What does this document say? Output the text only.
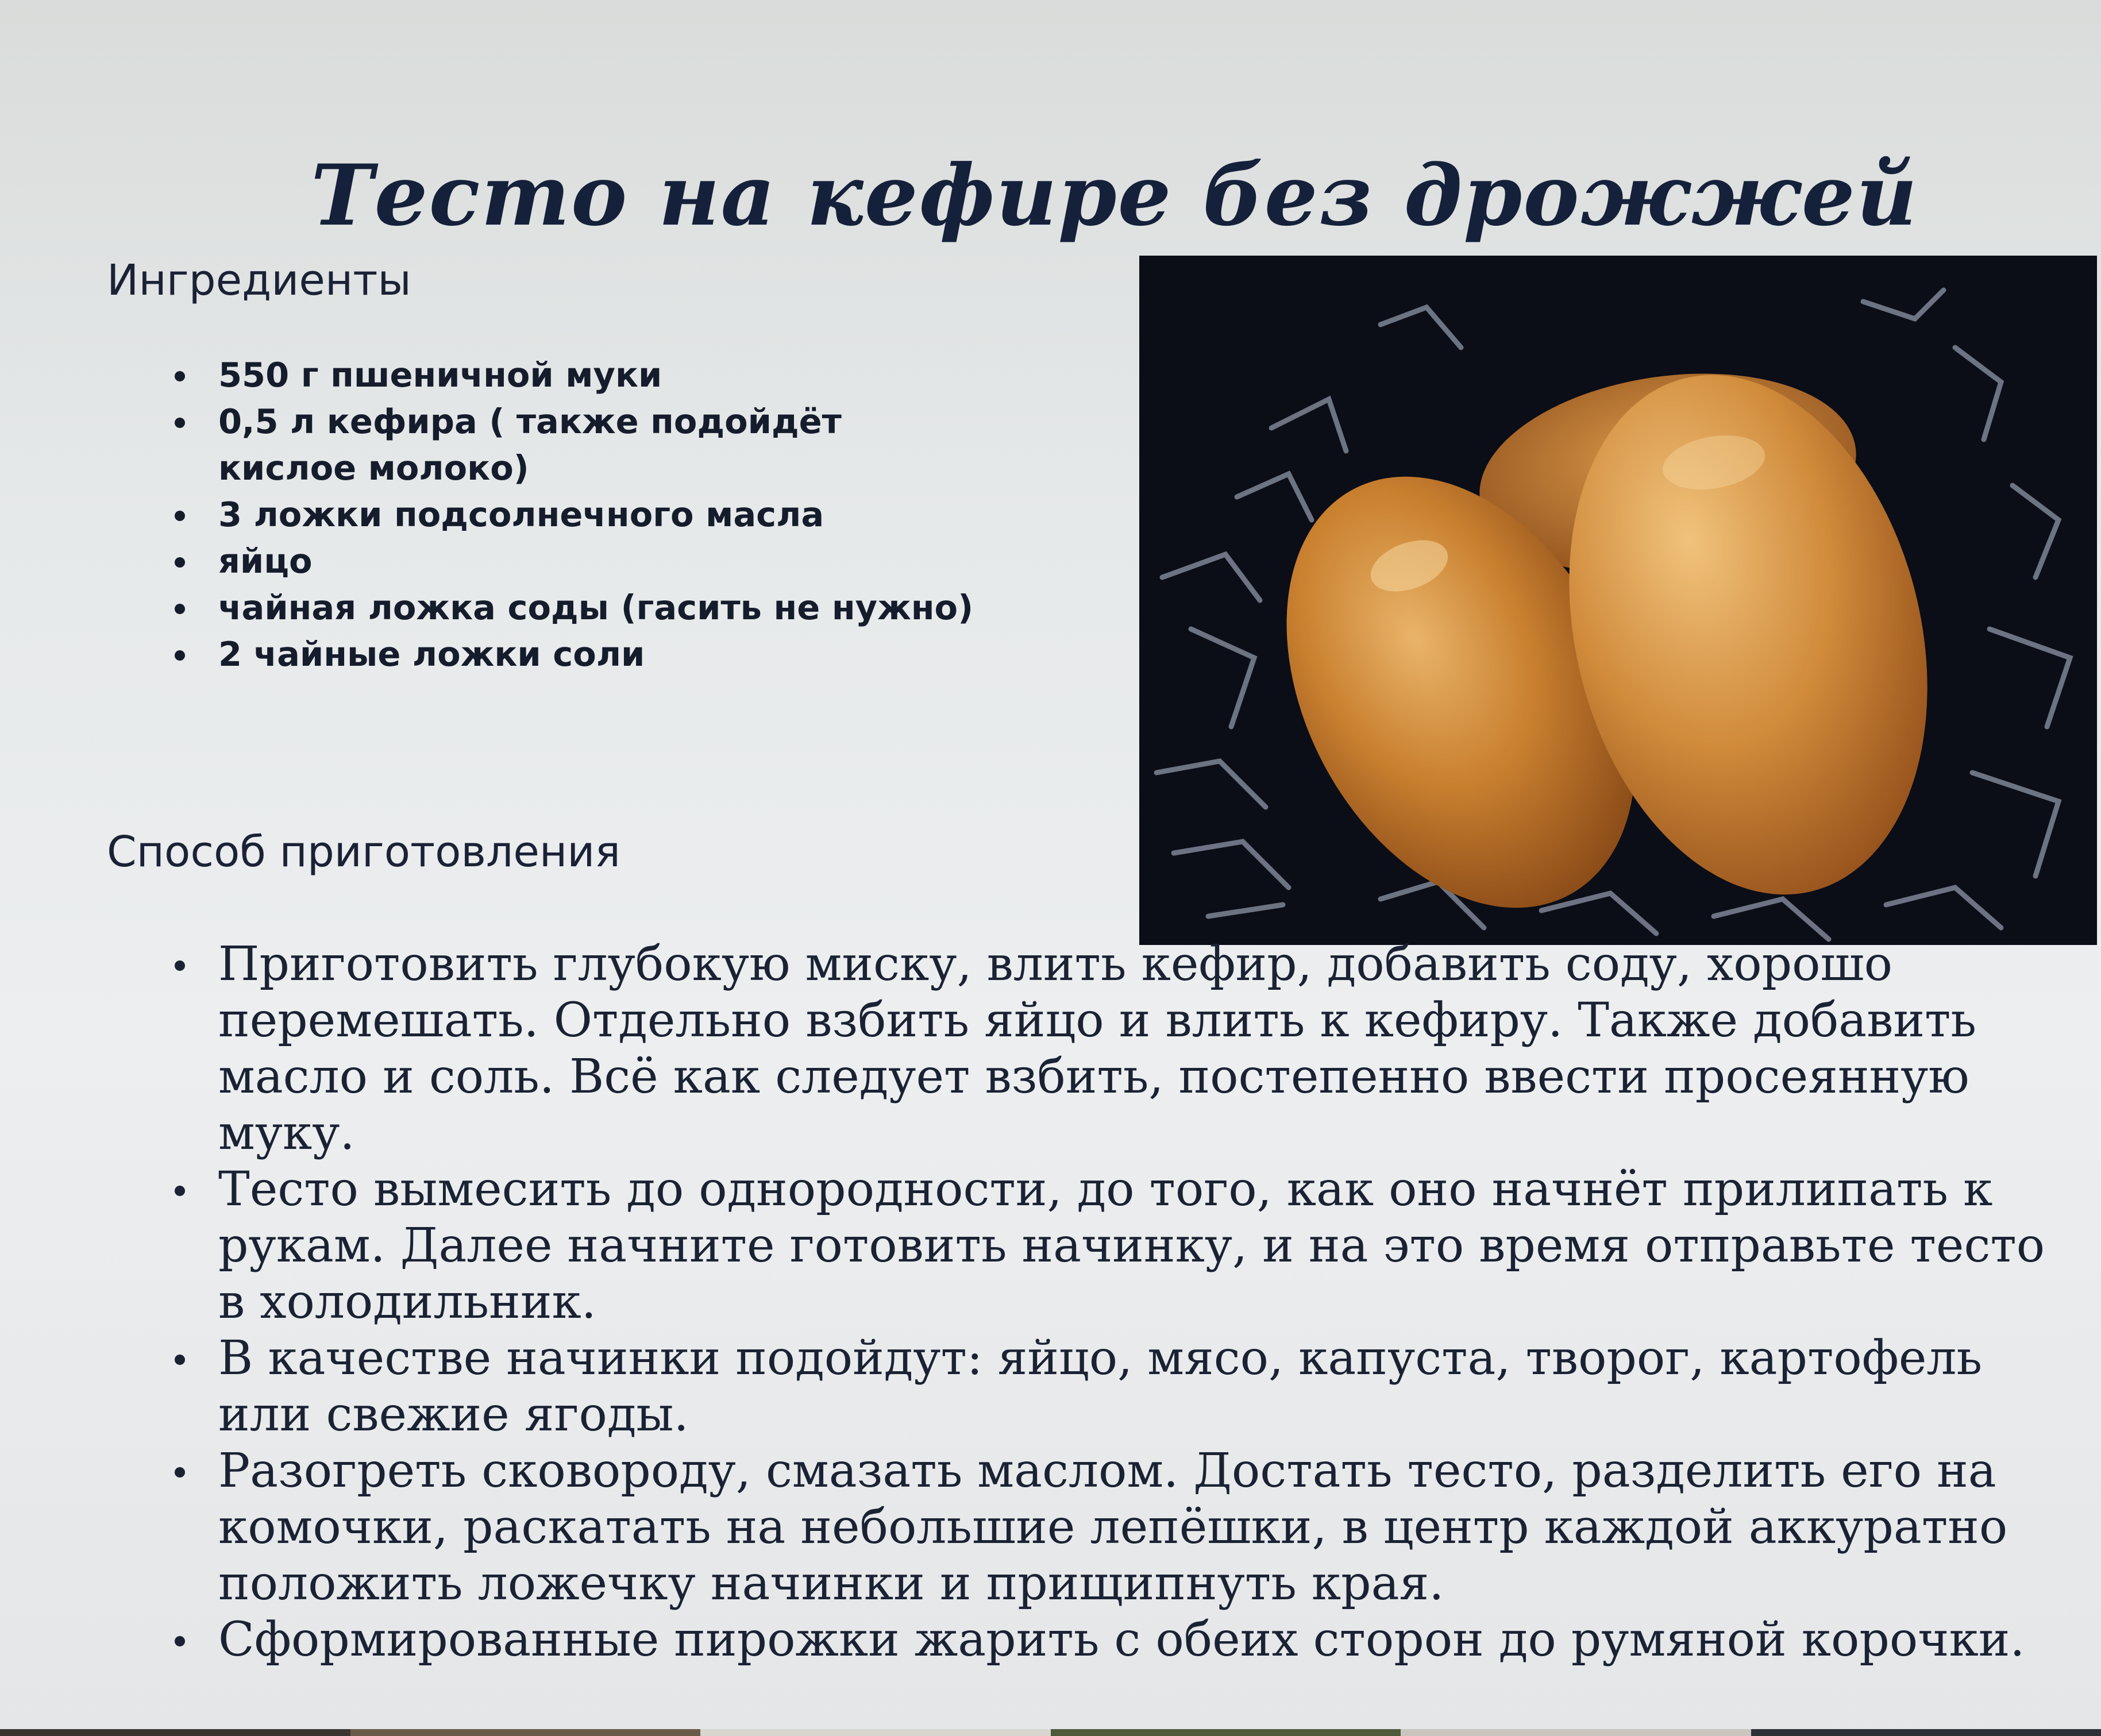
Тесто на кефире без дрожжей
Ингредиенты
550 г пшеничной муки
0,5 л кефира ( также подойдёт кислое молоко)
3 ложки подсолнечного масла
яйцо
чайная ложка соды (гасить не нужно)
2 чайные ложки соли
Способ приготовления
Приготовить глубокую миску, влить кефир, добавить соду, хорошо перемешать. Отдельно взбить яйцо и влить к кефиру. Также добавить масло и соль. Всё как следует взбить, постепенно ввести просеянную муку.
Тесто вымесить до однородности, до того, как оно начнёт прилипать к рукам. Далее начните готовить начинку, и на это время отправьте тесто в холодильник.
В качестве начинки подойдут: яйцо, мясо, капуста, творог, картофель или свежие ягоды.
Разогреть сковороду, смазать маслом. Достать тесто, разделить его на комочки, раскатать на небольшие лепёшки, в центр каждой аккуратно положить ложечку начинки и прищипнуть края.
Сформированные пирожки жарить с обеих сторон до румяной корочки.
